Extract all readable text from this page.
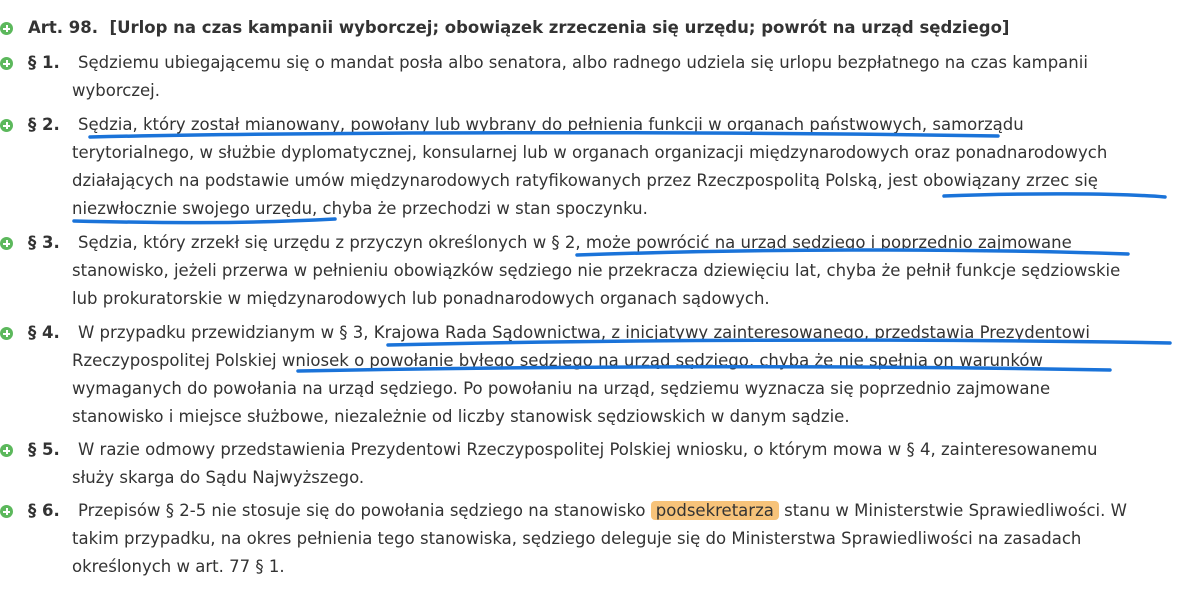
Art. 98. [Urlop na czas kampanii wyborczej; obowiązek zrzeczenia się urzędu; powrót na urząd sędziego]
§ 1. Sędziemu ubiegającemu się o mandat posła albo senatora, albo radnego udziela się urlopu bezpłatnego na czas kampanii
wyborczej.
§ 2. Sędzia, który został mianowany, powołany lub wybrany do pełnienia funkcji w organach państwowych, samorządu
terytorialnego, w służbie dyplomatycznej, konsularnej lub w organach organizacji międzynarodowych oraz ponadnarodowych
działających na podstawie umów międzynarodowych ratyfikowanych przez Rzeczpospolitą Polską, jest obowiązany zrzec się
niezwłocznie swojego urzędu, chyba że przechodzi w stan spoczynku.
§ 3. Sędzia, który zrzekł się urzędu z przyczyn określonych w § 2, może powrócić na urząd sędziego i poprzednio zajmowane
stanowisko, jeżeli przerwa w pełnieniu obowiązków sędziego nie przekracza dziewięciu lat, chyba że pełnił funkcje sędziowskie
lub prokuratorskie w międzynarodowych lub ponadnarodowych organach sądowych.
§ 4. W przypadku przewidzianym w § 3, Krajowa Rada Sądownictwa, z inicjatywy zainteresowanego, przedstawia Prezydentowi
Rzeczypospolitej Polskiej wniosek o powołanie byłego sędziego na urząd sędziego, chyba że nie spełnia on warunków
wymaganych do powołania na urząd sędziego. Po powołaniu na urząd, sędziemu wyznacza się poprzednio zajmowane
stanowisko i miejsce służbowe, niezależnie od liczby stanowisk sędziowskich w danym sądzie.
§ 5. W razie odmowy przedstawienia Prezydentowi Rzeczypospolitej Polskiej wniosku, o którym mowa w § 4, zainteresowanemu
służy skarga do Sądu Najwyższego.
§ 6. Przepisów § 2-5 nie stosuje się do powołania sędziego na stanowisko podsekretarza stanu w Ministerstwie Sprawiedliwości. W
takim przypadku, na okres pełnienia tego stanowiska, sędziego deleguje się do Ministerstwa Sprawiedliwości na zasadach
określonych w art. 77 § 1.
